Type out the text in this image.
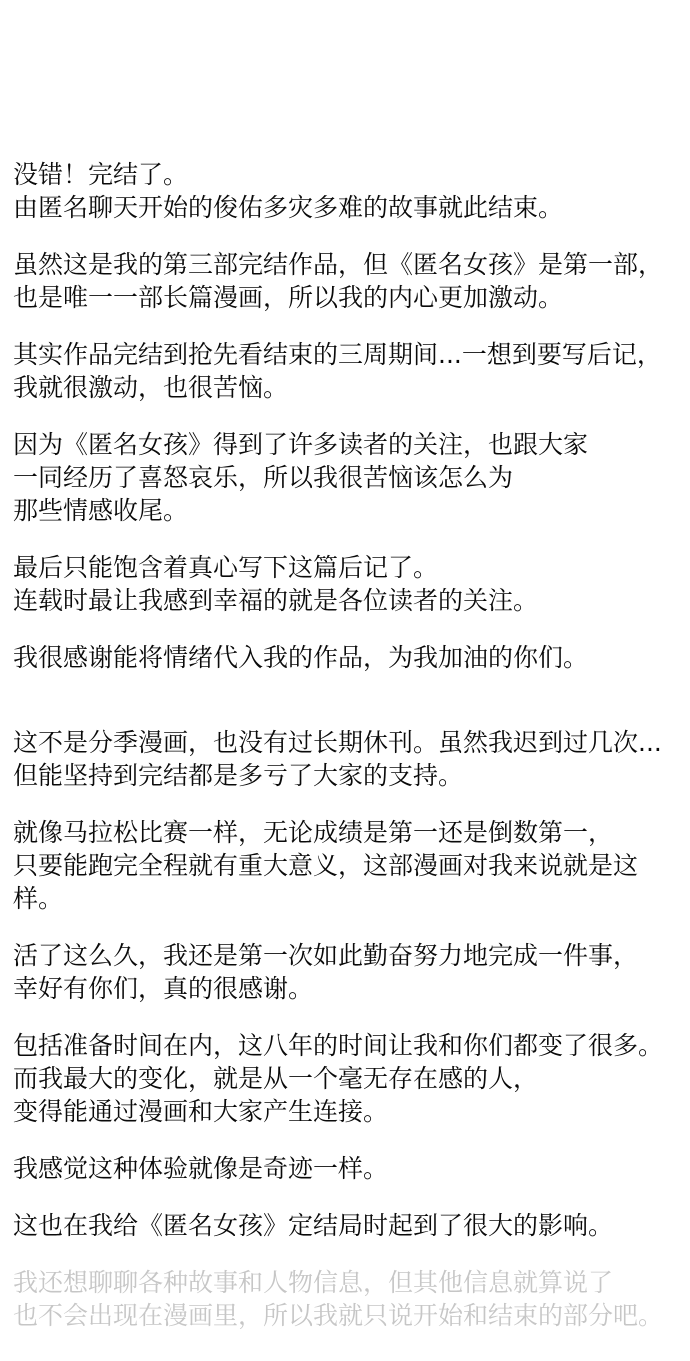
没错！完结了。
由匿名聊天开始的俊佑多灾多难的故事就此结束。

虽然这是我的第三部完结作品，但《匿名女孩》是第一部，
也是唯一一部长篇漫画，所以我的内心更加激动。

其实作品完结到抢先看结束的三周期间...一想到要写后记，
我就很激动，也很苦恼。

因为《匿名女孩》得到了许多读者的关注，也跟大家
一同经历了喜怒哀乐，所以我很苦恼该怎么为
那些情感收尾。

最后只能饱含着真心写下这篇后记了。
连载时最让我感到幸福的就是各位读者的关注。

我很感谢能将情绪代入我的作品，为我加油的你们。

这不是分季漫画，也没有过长期休刊。虽然我迟到过几次...
但能坚持到完结都是多亏了大家的支持。

就像马拉松比赛一样，无论成绩是第一还是倒数第一，
只要能跑完全程就有重大意义，这部漫画对我来说就是这样。

活了这么久，我还是第一次如此勤奋努力地完成一件事，
幸好有你们，真的很感谢。

包括准备时间在内，这八年的时间让我和你们都变了很多。
而我最大的变化，就是从一个毫无存在感的人，
变得能通过漫画和大家产生连接。

我感觉这种体验就像是奇迹一样。

这也在我给《匿名女孩》定结局时起到了很大的影响。

我还想聊聊各种故事和人物信息，但其他信息就算说了
也不会出现在漫画里，所以我就只说开始和结束的部分吧。
